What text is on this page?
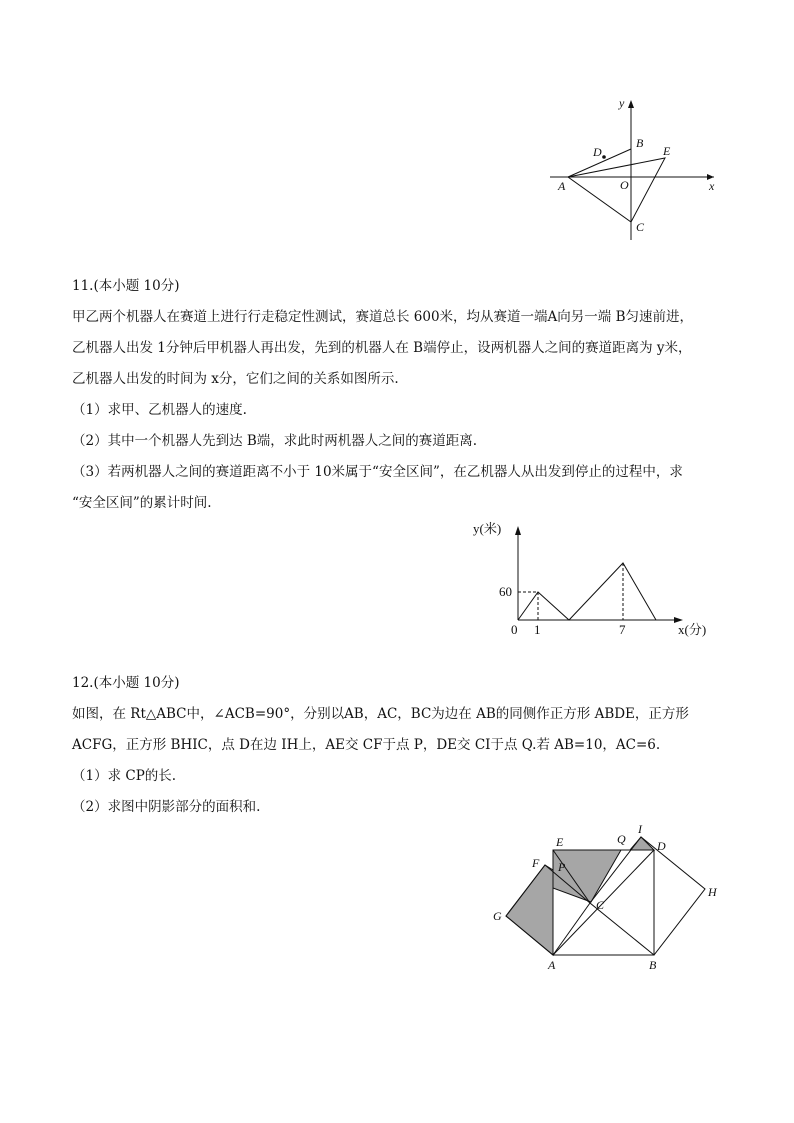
y
B
D	E
A	O	x
C
11.(本小题 10分)
甲乙两个机器人在赛道上进行行走稳定性测试，赛道总长 600米，均从赛道一端A向另一端 B匀速前进，
乙机器人出发 1分钟后甲机器人再出发，先到的机器人在 B端停止，设两机器人之间的赛道距离为 y米，
乙机器人出发的时间为 x分，它们之间的关系如图所示.
（1）求甲、乙机器人的速度.
（2）其中一个机器人先到达 B端，求此时两机器人之间的赛道距离.
（3）若两机器人之间的赛道距离不小于 10米属于“安全区间”，在乙机器人从出发到停止的过程中，求
“安全区间”的累计时间.
y(米)
60
0 1	7	x(分)
12.(本小题 10分)
如图，在 Rt△ABC中，∠ACB=90°，分别以AB，AC，BC为边在 AB的同侧作正方形 ABDE，正方形
ACFG，正方形 BHIC，点 D在边 IH上，AE交 CF于点 P，DE交 CI于点 Q.若 AB=10，AC=6.
（1）求 CP的长.
（2）求图中阴影部分的面积和.
E	Q
I
D
F P
H
C
G
A	B
